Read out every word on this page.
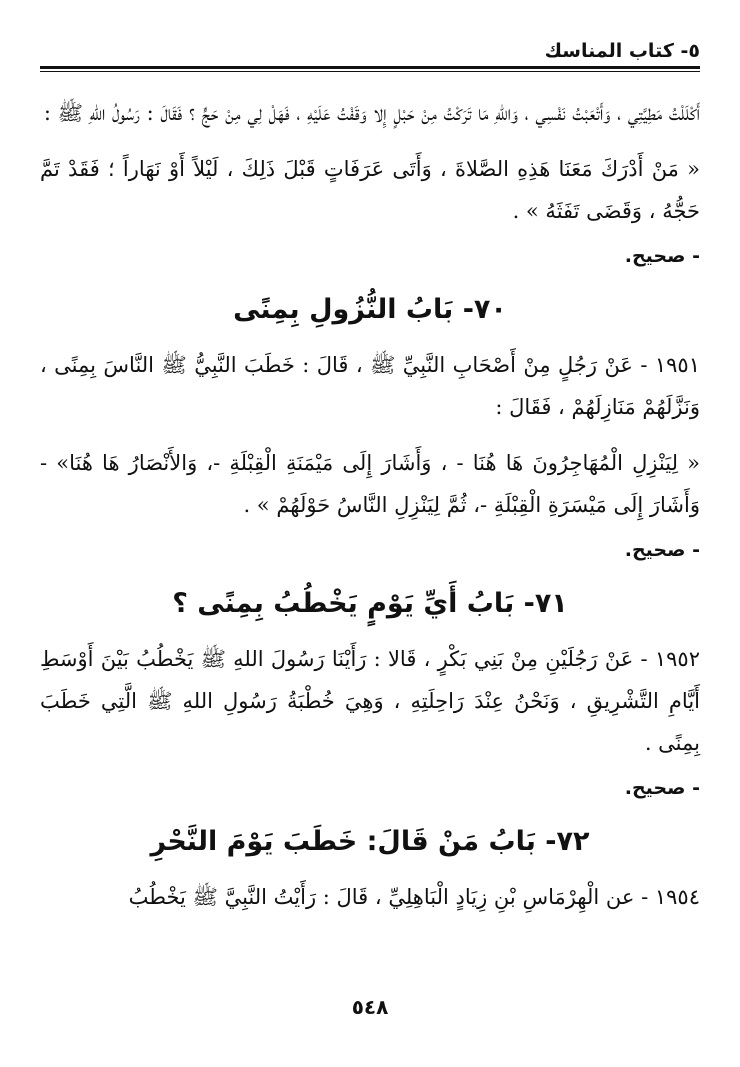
٥- كتاب المناسك

أَكْلَلْتُ مَطِيَّتِي ، وَأَتْعَبْتُ نَفْسِي ، وَاللهِ مَا تَرَكْتُ مِنْ حَبْلٍ إِلا وَقَفْتُ عَلَيْهِ ، فَهَلْ لِي مِنْ حَجٍّ ؟ فَقَالَ : رَسُولُ اللهِ ﷺ :

« مَنْ أَدْرَكَ مَعَنَا هَذِهِ الصَّلاةَ ، وَأَتَى عَرَفَاتٍ قَبْلَ ذَلِكَ ، لَيْلاً أَوْ نَهَاراً ؛ فَقَدْ تَمَّ حَجُّهُ ، وَقَضَى تَفَثَهُ » .

- صحيح.

٧٠- بَابُ النُّزُولِ بِمِنًى

١٩٥١ - عَنْ رَجُلٍ مِنْ أَصْحَابِ النَّبِيِّ ﷺ ، قَالَ : خَطَبَ النَّبِيُّ ﷺ النَّاسَ بِمِنًى ، وَنَزَّلَهُمْ مَنَازِلَهُمْ ، فَقَالَ :

« لِيَنْزِلِ الْمُهَاجِرُونَ هَا هُنَا - ، وَأَشَارَ إِلَى مَيْمَنَةِ الْقِبْلَةِ -، وَالأَنْصَارُ هَا هُنَا» - وَأَشَارَ إِلَى مَيْسَرَةِ الْقِبْلَةِ -، ثُمَّ لِيَنْزِلِ النَّاسُ حَوْلَهُمْ » .

- صحيح.

٧١- بَابُ أَيِّ يَوْمٍ يَخْطُبُ بِمِنًى ؟

١٩٥٢ - عَنْ رَجُلَيْنِ مِنْ بَنِي بَكْرٍ ، قَالا : رَأَيْنَا رَسُولَ اللهِ ﷺ يَخْطُبُ بَيْنَ أَوْسَطِ أَيَّامِ التَّشْرِيقِ ، وَنَحْنُ عِنْدَ رَاحِلَتِهِ ، وَهِيَ خُطْبَةُ رَسُولِ اللهِ ﷺ الَّتِي خَطَبَ بِمِنًى .

- صحيح.

٧٢- بَابُ مَنْ قَالَ: خَطَبَ يَوْمَ النَّحْرِ

١٩٥٤ - عن الْهِرْمَاسِ بْنِ زِيَادٍ الْبَاهِلِيِّ ، قَالَ : رَأَيْتُ النَّبِيَّ ﷺ يَخْطُبُ

٥٤٨
